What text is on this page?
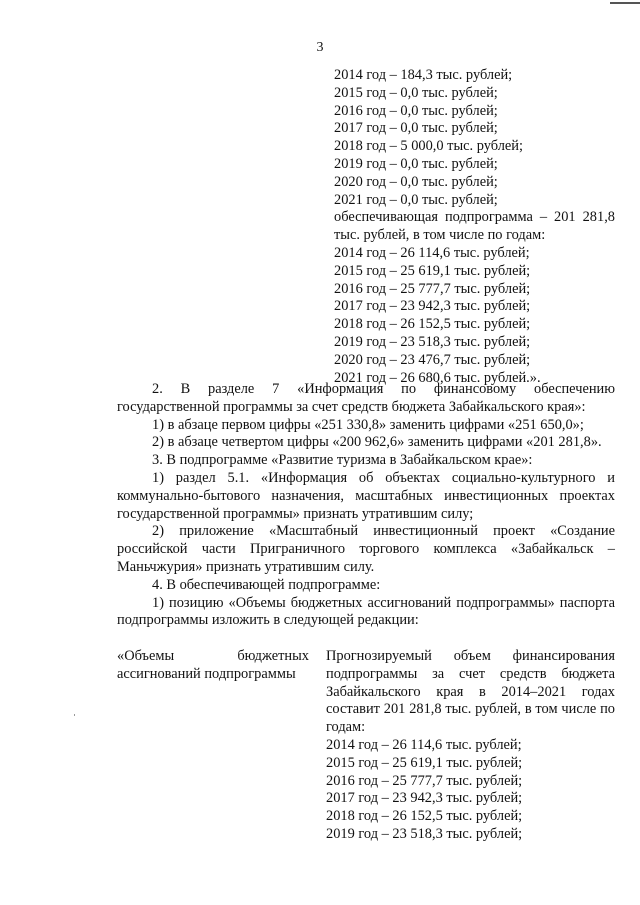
3
2014 год – 184,3 тыс. рублей;
2015 год – 0,0 тыс. рублей;
2016 год – 0,0 тыс. рублей;
2017 год – 0,0 тыс. рублей;
2018 год – 5 000,0 тыс. рублей;
2019 год – 0,0 тыс. рублей;
2020 год – 0,0 тыс. рублей;
2021 год – 0,0 тыс. рублей;
обеспечивающая подпрограмма – 201 281,8
тыс. рублей, в том числе по годам:
2014 год – 26 114,6 тыс. рублей;
2015 год – 25 619,1 тыс. рублей;
2016 год – 25 777,7 тыс. рублей;
2017 год – 23 942,3 тыс. рублей;
2018 год – 26 152,5 тыс. рублей;
2019 год – 23 518,3 тыс. рублей;
2020 год – 23 476,7 тыс. рублей;
2021 год – 26 680,6 тыс. рублей.».

2. В разделе 7 «Информация по финансовому обеспечению государственной программы за счет средств бюджета Забайкальского края»:

1) в абзаце первом цифры «251 330,8» заменить цифрами «251 650,0»;

2) в абзаце четвертом цифры «200 962,6» заменить цифрами «201 281,8».

3. В подпрограмме «Развитие туризма в Забайкальском крае»:

1) раздел 5.1. «Информация об объектах социально-культурного и коммунально-бытового назначения, масштабных инвестиционных проектах государственной программы» признать утратившим силу;

2) приложение «Масштабный инвестиционный проект «Создание российской части Приграничного торгового комплекса «Забайкальск – Маньчжурия» признать утратившим силу.

4. В обеспечивающей подпрограмме:

1) позицию «Объемы бюджетных ассигнований подпрограммы» паспорта подпрограммы изложить в следующей редакции:

«Объемы	бюджетных
ассигнований подпрограммы
Прогнозируемый объем финансирования подпрограммы за счет средств бюджета Забайкальского края в 2014–2021 годах составит 201 281,8 тыс. рублей, в том числе по годам:
2014 год – 26 114,6 тыс. рублей;
2015 год – 25 619,1 тыс. рублей;
2016 год – 25 777,7 тыс. рублей;
2017 год – 23 942,3 тыс. рублей;
2018 год – 26 152,5 тыс. рублей;
2019 год – 23 518,3 тыс. рублей;
